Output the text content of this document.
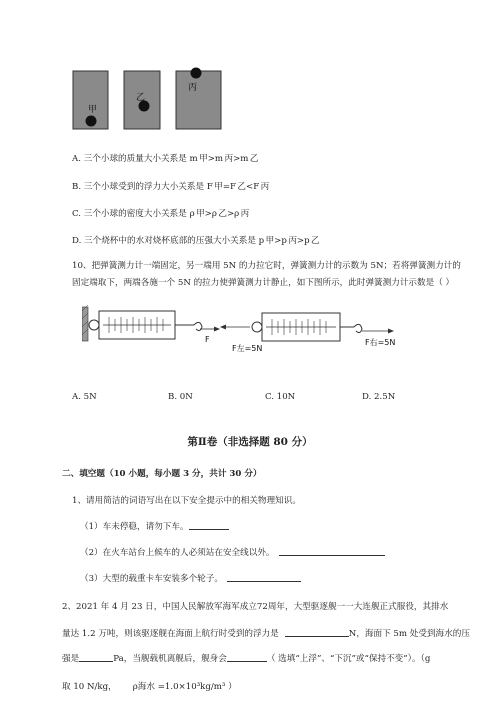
甲
乙
丙
A. 三个小球的质量大小关系是 m 甲>m 丙>m 乙
B. 三个小球受到的浮力大小关系是 F 甲=F 乙<F 丙
C. 三个小球的密度大小关系是 ρ 甲>ρ 乙>ρ 丙
D. 三个烧杯中的水对烧杯底部的压强大小关系是 p 甲>p 丙>p 乙
10、把弹簧测力计一端固定，另一端用 5N 的力拉它时，弹簧测力计的示数为 5N；若将弹簧测力计的
固定端取下，两端各施一个 5N 的拉力使弹簧测力计静止，如下图所示，此时弹簧测力计示数是（ ）
F
F左=5N
F右=5N
A. 5N	B. 0N	C. 10N	D. 2.5N
第Ⅱ卷（非选择题 80 分）
二、填空题（10 小题，每小题 3 分，共计 30 分）
1、请用简洁的词语写出在以下安全提示中的相关物理知识。
（1）车未停稳，请勿下车。
（2）在火车站台上候车的人必须站在安全线以外。
（3）大型的载重卡车安装多个轮子。
2、2021 年 4 月 23 日，中国人民解放军海军成立72周年，大型驱逐舰一一大连舰正式服役，其排水
量达 1.2 万吨，则该驱逐舰在海面上航行时受到的浮力是	N，海面下 5m 处受到海水的压
强是	Pa，当舰载机离舰后，舰身会	（ 选填“上浮”、“下沉”或“保持不变”）。（g
取 10 N/kg， ρ海水 =1.0×10³kg/m³ ）
